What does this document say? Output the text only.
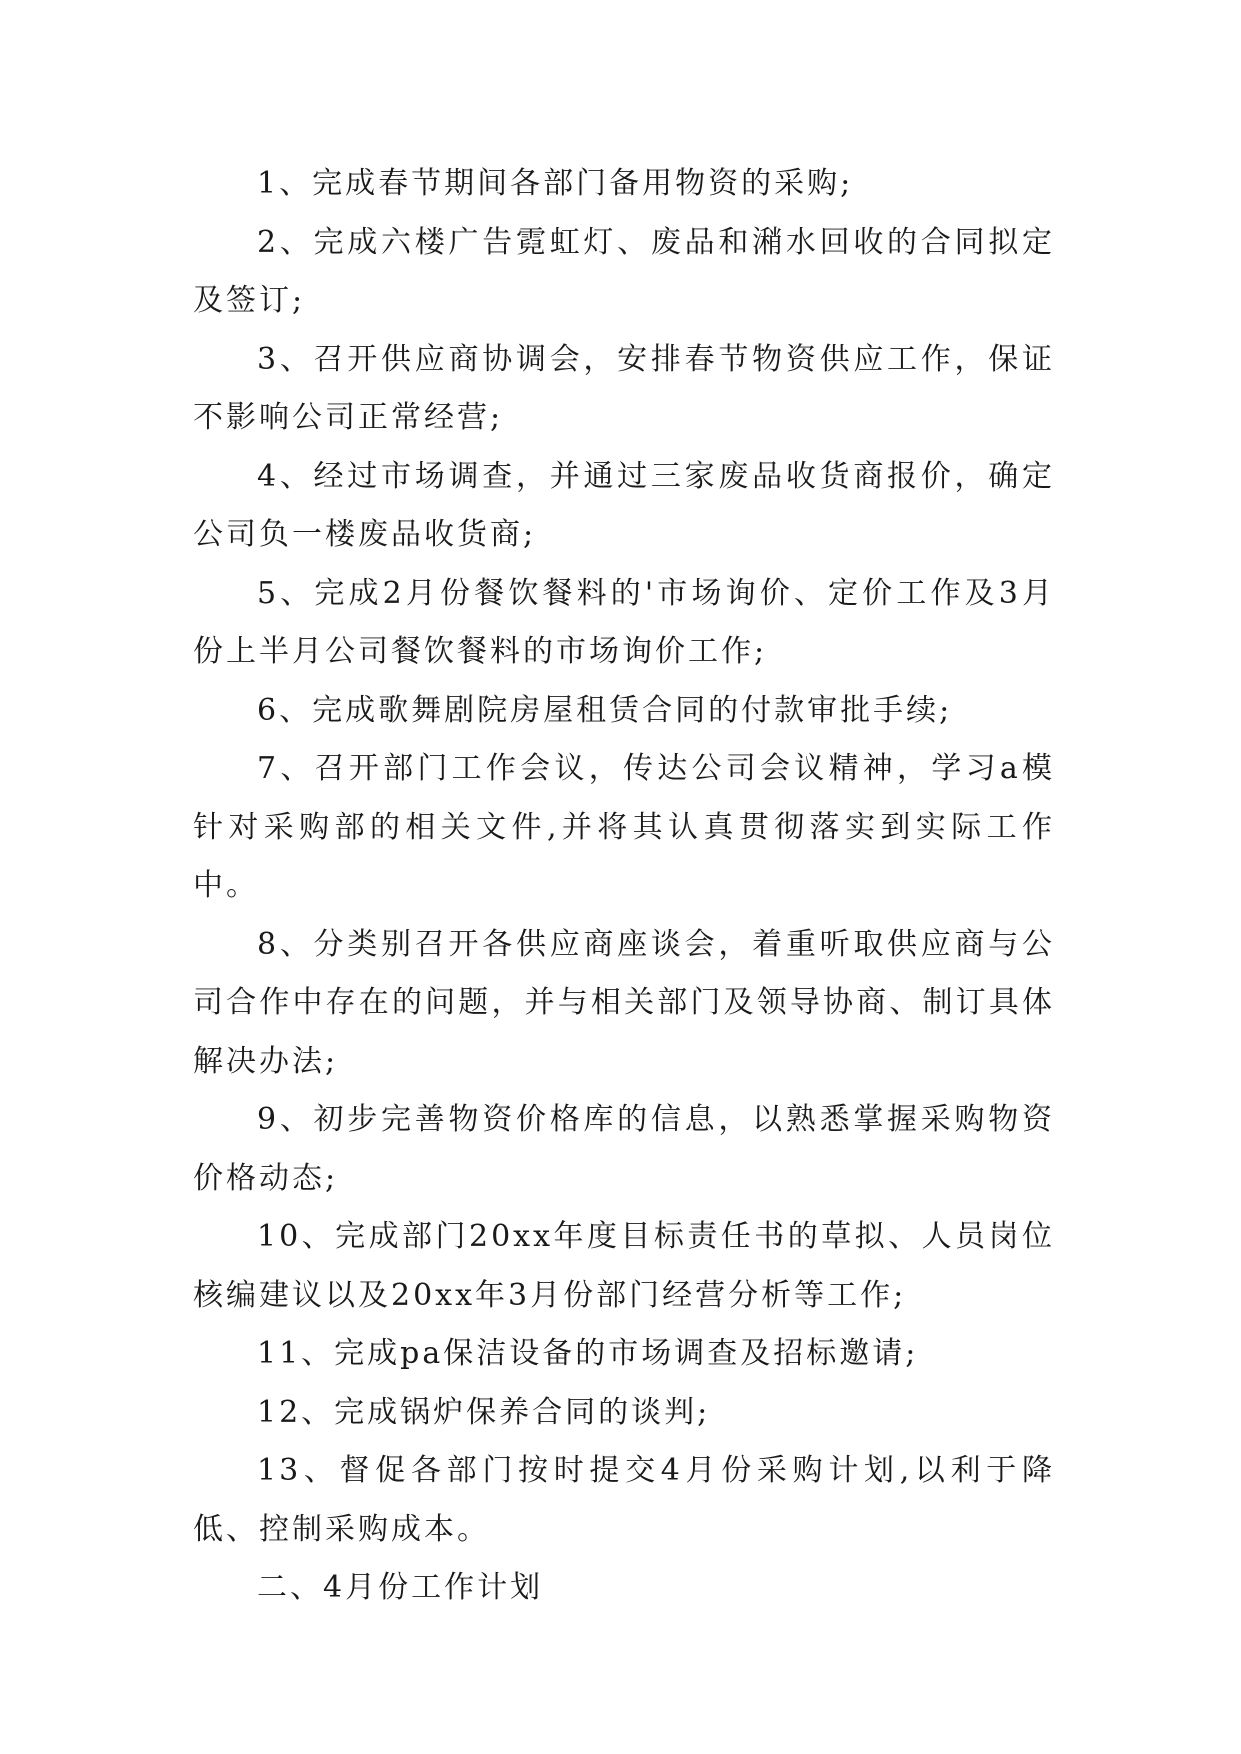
1、完成春节期间各部门备用物资的采购;

2、完成六楼广告霓虹灯、废品和潲水回收的合同拟定及签订;

3、召开供应商协调会，安排春节物资供应工作，保证不影响公司正常经营;

4、经过市场调查，并通过三家废品收货商报价，确定公司负一楼废品收货商;

5、完成2月份餐饮餐料的'市场询价、定价工作及3月份上半月公司餐饮餐料的市场询价工作;

6、完成歌舞剧院房屋租赁合同的付款审批手续;

7、召开部门工作会议，传达公司会议精神，学习a模针对采购部的相关文件,并将其认真贯彻落实到实际工作中。

8、分类别召开各供应商座谈会，着重听取供应商与公司合作中存在的问题，并与相关部门及领导协商、制订具体解决办法;

9、初步完善物资价格库的信息，以熟悉掌握采购物资价格动态;

10、完成部门20xx年度目标责任书的草拟、人员岗位核编建议以及20xx年3月份部门经营分析等工作;

11、完成pa保洁设备的市场调查及招标邀请;

12、完成锅炉保养合同的谈判;

13、督促各部门按时提交4月份采购计划,以利于降低、控制采购成本。

二、4月份工作计划
